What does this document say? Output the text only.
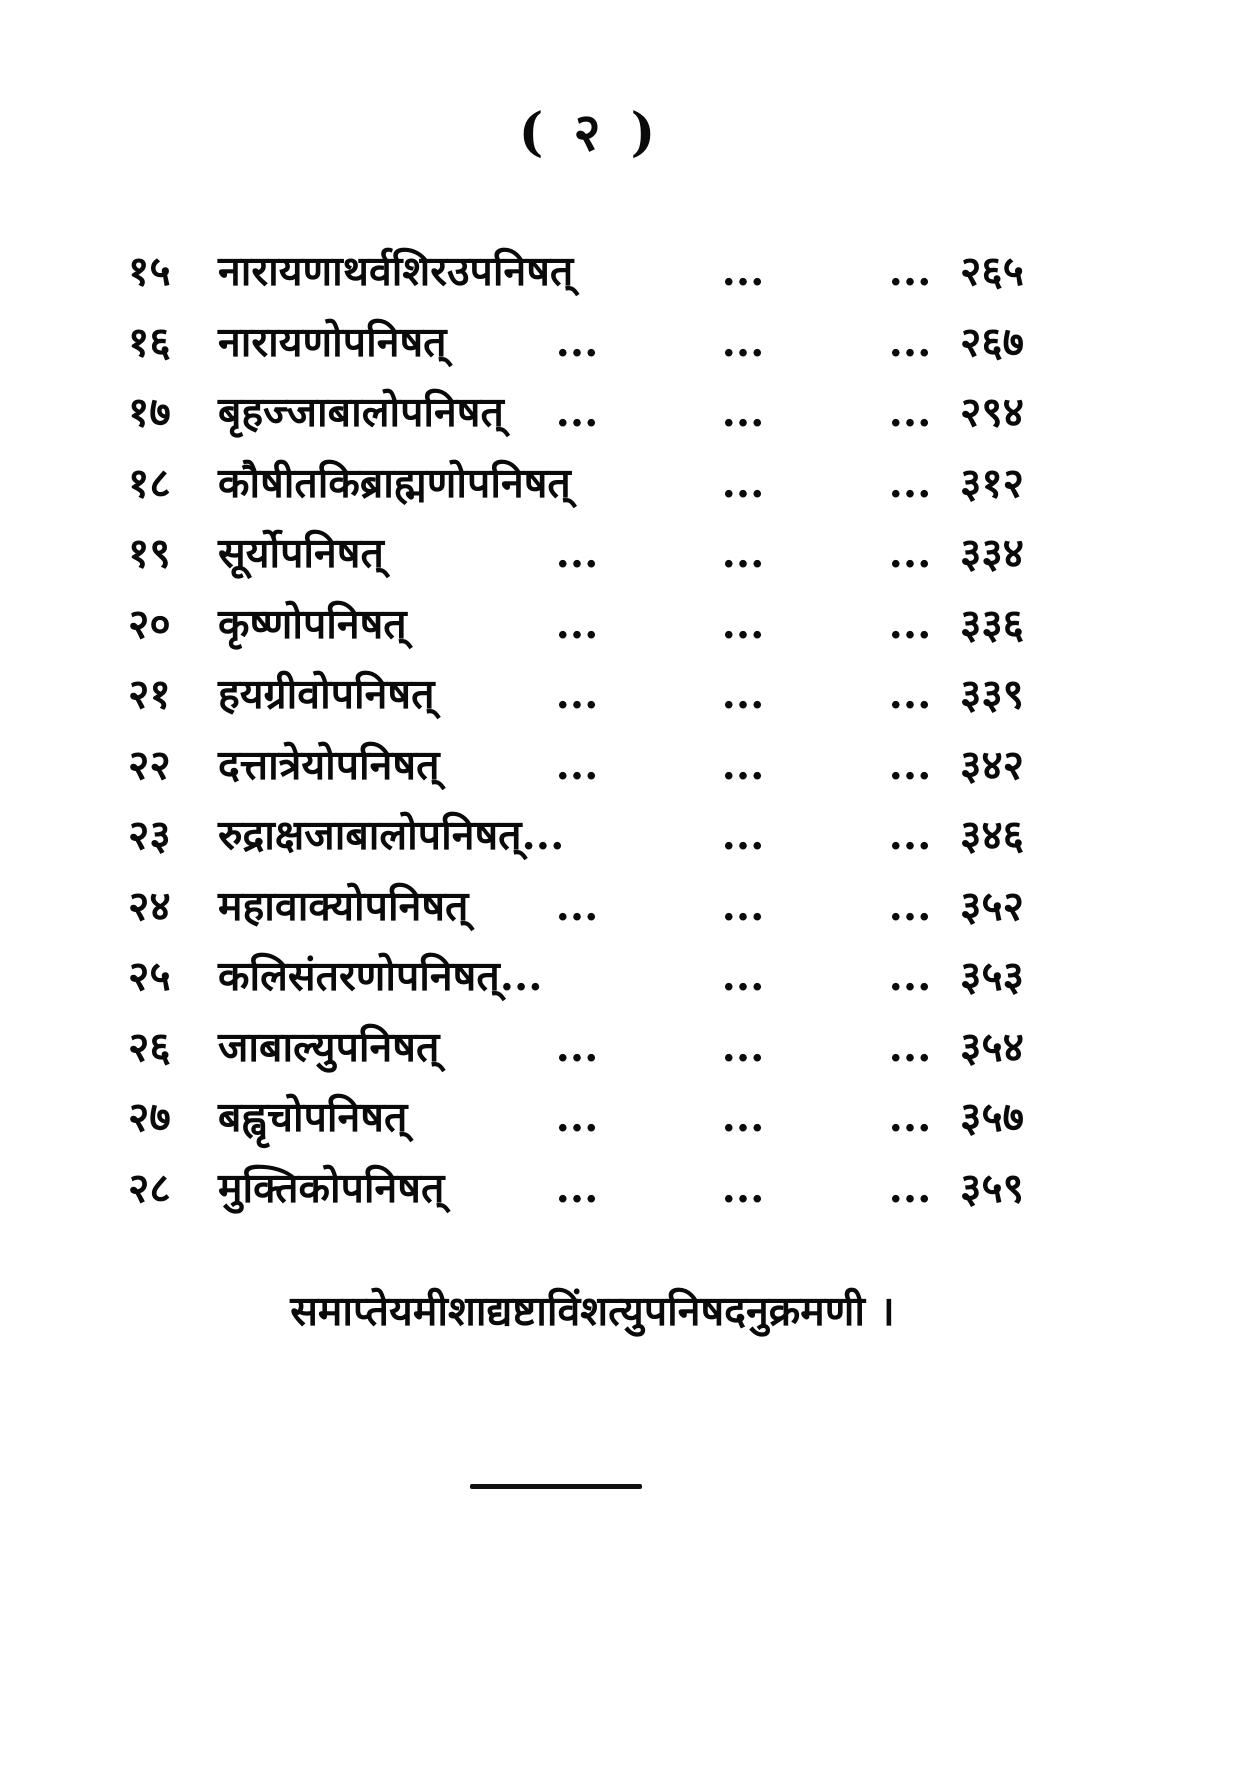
( २ )
१५	नारायणाथर्वशिरउपनिषत्	...	... २६५
१६	नारायणोपनिषत्	...	...	... २६७
१७	बृहज्जाबालोपनिषत्	...	...	... २९४
१८	कौषीतकिब्राह्मणोपनिषत्	...	... ३१२
१९	सूर्योपनिषत्	...	...	... ३३४
२०	कृष्णोपनिषत्	...	...	... ३३६
२१	हयग्रीवोपनिषत्	...	...	... ३३९
२२	दत्तात्रेयोपनिषत्	...	...	... ३४२
२३	रुद्राक्षजाबालोपनिषत्...	...	... ३४६
२४	महावाक्योपनिषत्	...	...	... ३५२
२५	कलिसंतरणोपनिषत्...	...	... ३५३
२६	जाबाल्युपनिषत्	...	...	... ३५४
२७	बह्वृचोपनिषत्	...	...	... ३५७
२८	मुक्तिकोपनिषत्	...	...	... ३५९
समाप्तेयमीशाद्यष्टाविंशत्युपनिषदनुक्रमणी ।
